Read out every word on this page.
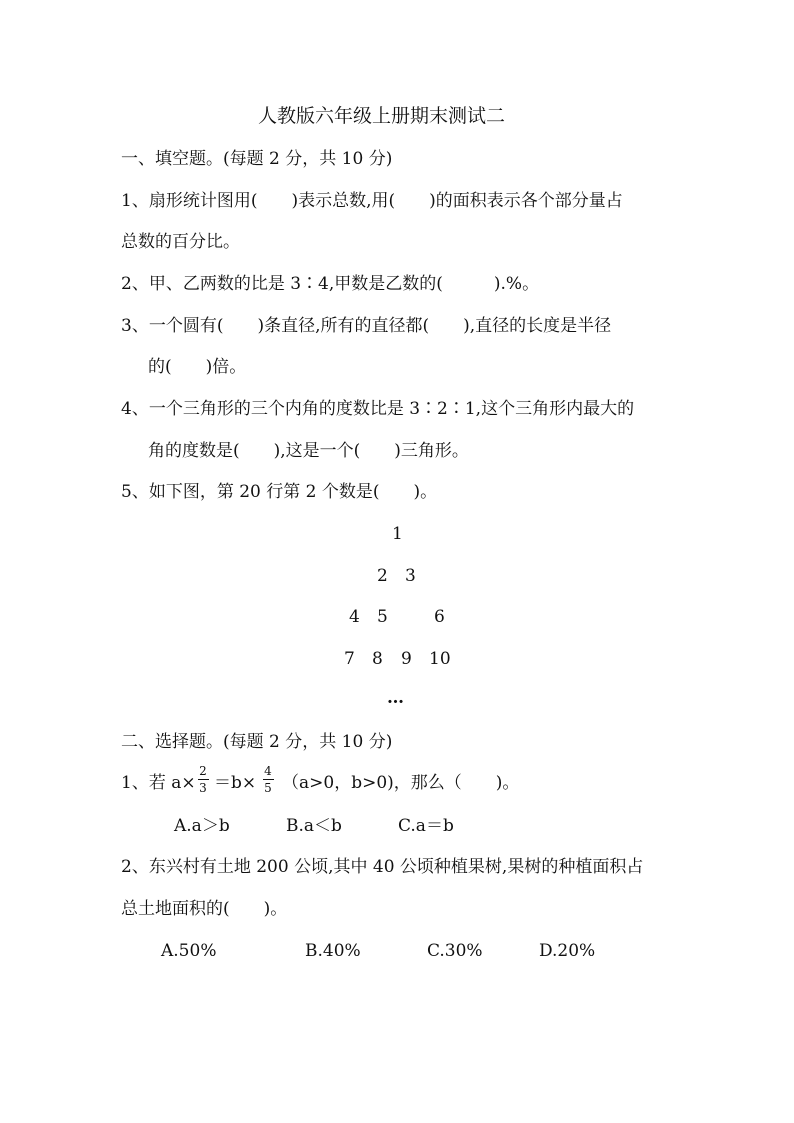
人教版六年级上册期末测试二
一、填空题。(每题 2 分，共 10 分)
1、扇形统计图用(　　)表示总数,用(　　)的面积表示各个部分量占
总数的百分比。
2、甲、乙两数的比是 3∶4,甲数是乙数的(　　　).%。
3、一个圆有(　　)条直径,所有的直径都(　　),直径的长度是半径
的(　　)倍。
4、一个三角形的三个内角的度数比是 3∶2∶1,这个三角形内最大的
角的度数是(　　),这是一个(　　)三角形。
5、如下图，第 20 行第 2 个数是(　　)。
1
2 3
4 5	6
7 8 9 10
…
二、选择题。(每题 2 分，共 10 分)
1、若 a×
2
3 ＝b×
4
5 （a>0，b>0)，那么（　　)。
A.a＞b	B.a＜b	C.a＝b
2、东兴村有土地 200 公顷,其中 40 公顷种植果树,果树的种植面积占
总土地面积的(　　)。
A.50%	B.40%	C.30%	D.20%
